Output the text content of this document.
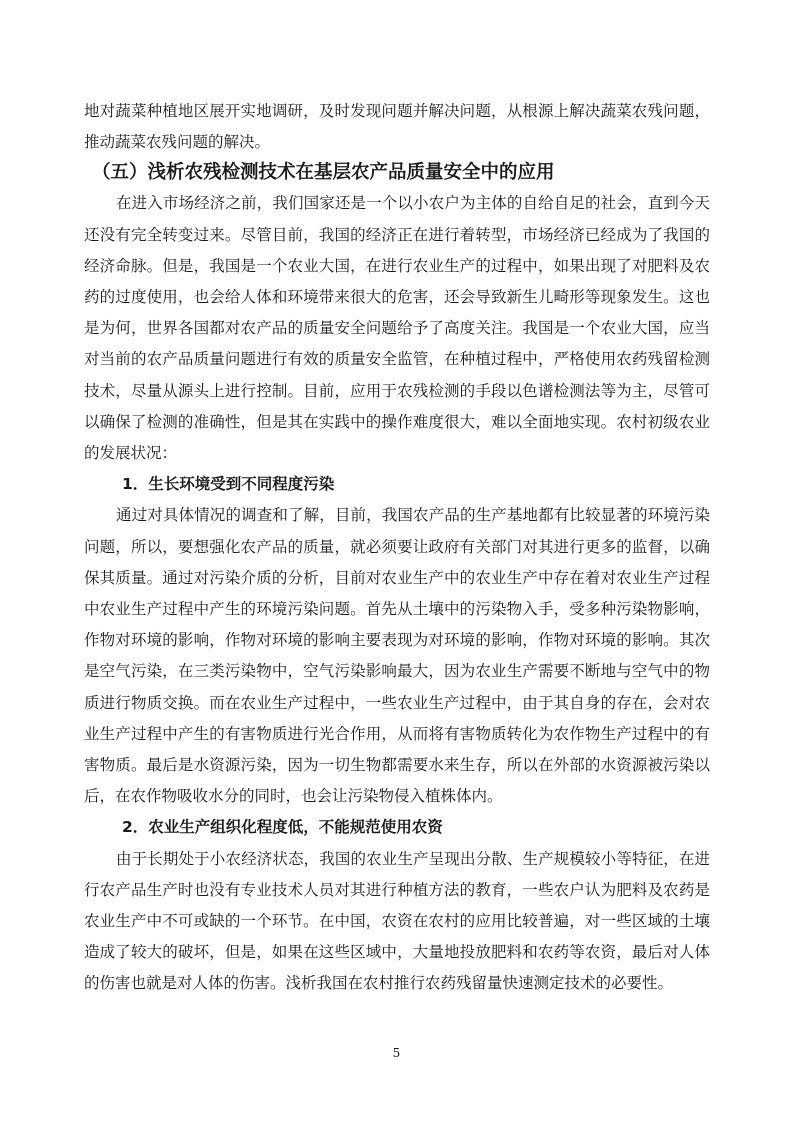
地对蔬菜种植地区展开实地调研，及时发现问题并解决问题，从根源上解决蔬菜农残问题，推动蔬菜农残问题的解决。

（五）浅析农残检测技术在基层农产品质量安全中的应用

在进入市场经济之前，我们国家还是一个以小农户为主体的自给自足的社会，直到今天还没有完全转变过来。尽管目前，我国的经济正在进行着转型，市场经济已经成为了我国的经济命脉。但是，我国是一个农业大国，在进行农业生产的过程中，如果出现了对肥料及农药的过度使用，也会给人体和环境带来很大的危害，还会导致新生儿畸形等现象发生。这也是为何，世界各国都对农产品的质量安全问题给予了高度关注。我国是一个农业大国，应当对当前的农产品质量问题进行有效的质量安全监管，在种植过程中，严格使用农药残留检测技术，尽量从源头上进行控制。目前，应用于农残检测的手段以色谱检测法等为主，尽管可以确保了检测的准确性，但是其在实践中的操作难度很大，难以全面地实现。农村初级农业的发展状况：

1．生长环境受到不同程度污染

通过对具体情况的调查和了解，目前，我国农产品的生产基地都有比较显著的环境污染问题，所以，要想强化农产品的质量，就必须要让政府有关部门对其进行更多的监督，以确保其质量。通过对污染介质的分析，目前对农业生产中的农业生产中存在着对农业生产过程中农业生产过程中产生的环境污染问题。首先从土壤中的污染物入手，受多种污染物影响，作物对环境的影响，作物对环境的影响主要表现为对环境的影响，作物对环境的影响。其次是空气污染，在三类污染物中，空气污染影响最大，因为农业生产需要不断地与空气中的物质进行物质交换。而在农业生产过程中，一些农业生产过程中，由于其自身的存在，会对农业生产过程中产生的有害物质进行光合作用，从而将有害物质转化为农作物生产过程中的有害物质。最后是水资源污染，因为一切生物都需要水来生存，所以在外部的水资源被污染以后，在农作物吸收水分的同时，也会让污染物侵入植株体内。

2．农业生产组织化程度低，不能规范使用农资

由于长期处于小农经济状态，我国的农业生产呈现出分散、生产规模较小等特征，在进行农产品生产时也没有专业技术人员对其进行种植方法的教育，一些农户认为肥料及农药是农业生产中不可或缺的一个环节。在中国，农资在农村的应用比较普遍，对一些区域的土壤造成了较大的破坏，但是，如果在这些区域中，大量地投放肥料和农药等农资，最后对人体的伤害也就是对人体的伤害。浅析我国在农村推行农药残留量快速测定技术的必要性。

5
